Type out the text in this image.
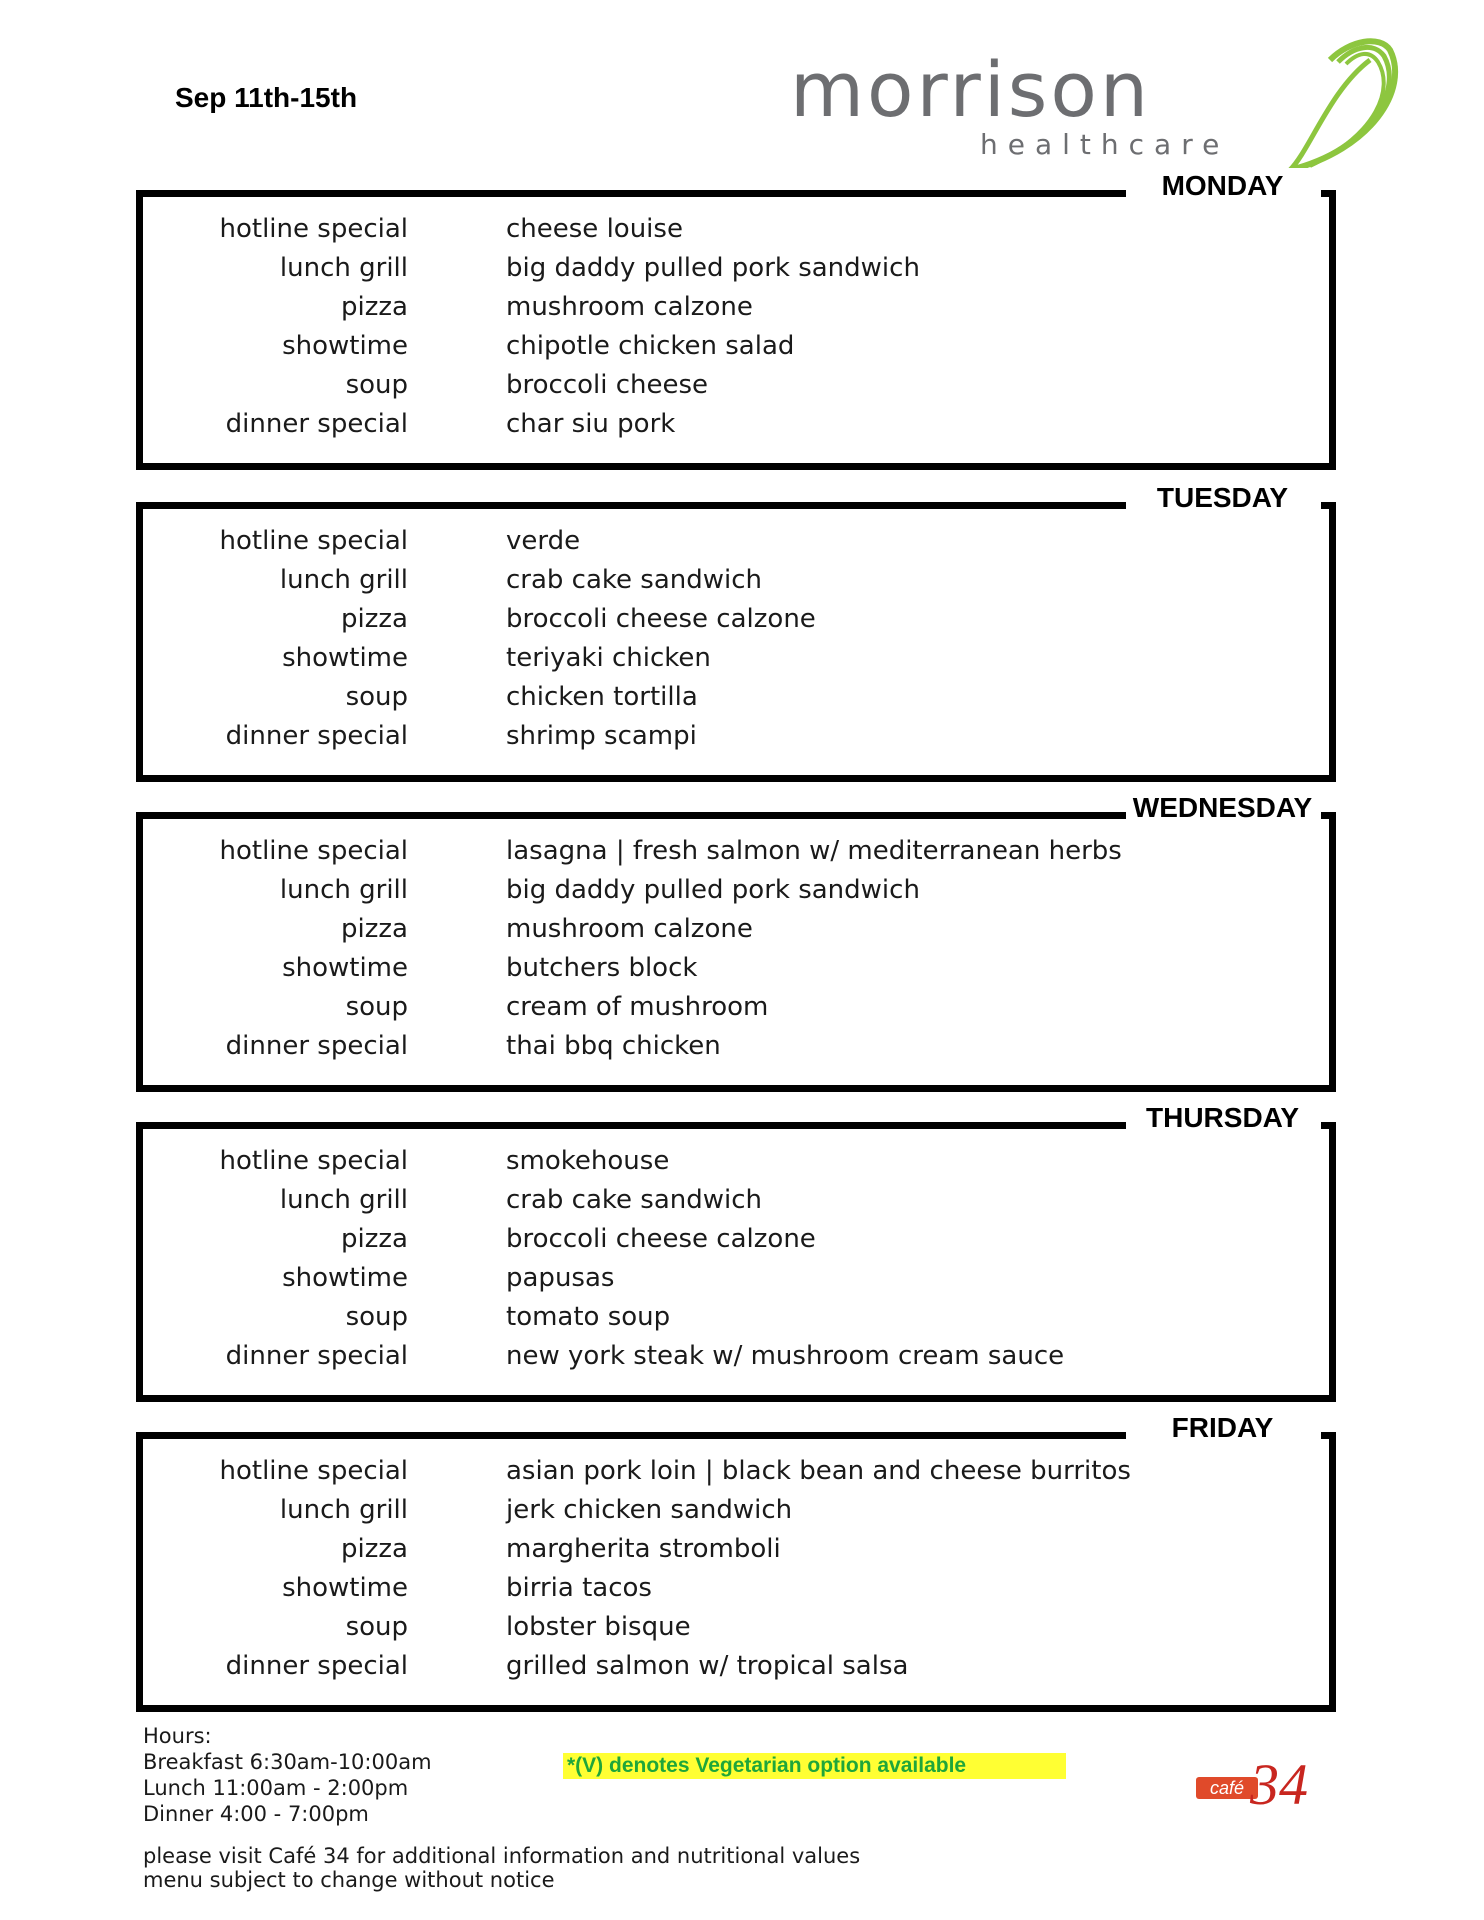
Sep 11th-15th	morrison
healthcare
MONDAY
hotline special	cheese louise
lunch grill	big daddy pulled pork sandwich
pizza	mushroom calzone
showtime	chipotle chicken salad
soup	broccoli cheese
dinner special	char siu pork
TUESDAY
hotline special	verde
lunch grill	crab cake sandwich
pizza	broccoli cheese calzone
showtime	teriyaki chicken
soup	chicken tortilla
dinner special	shrimp scampi
WEDNESDAY
hotline special	lasagna | fresh salmon w/ mediterranean herbs
lunch grill	big daddy pulled pork sandwich
pizza	mushroom calzone
showtime	butchers block
soup	cream of mushroom
dinner special	thai bbq chicken
THURSDAY
hotline special	smokehouse
lunch grill	crab cake sandwich
pizza	broccoli cheese calzone
showtime	papusas
soup	tomato soup
dinner special	new york steak w/ mushroom cream sauce
FRIDAY
hotline special	asian pork loin | black bean and cheese burritos
lunch grill	jerk chicken sandwich
pizza	margherita stromboli
showtime	birria tacos
soup	lobster bisque
dinner special	grilled salmon w/ tropical salsa
Hours:
Breakfast 6:30am-10:00am
Lunch 11:00am - 2:00pm
Dinner 4:00 - 7:00pm
*(V) denotes Vegetarian option available
please visit Café 34 for additional information and nutritional values
menu subject to change without notice
café 34
